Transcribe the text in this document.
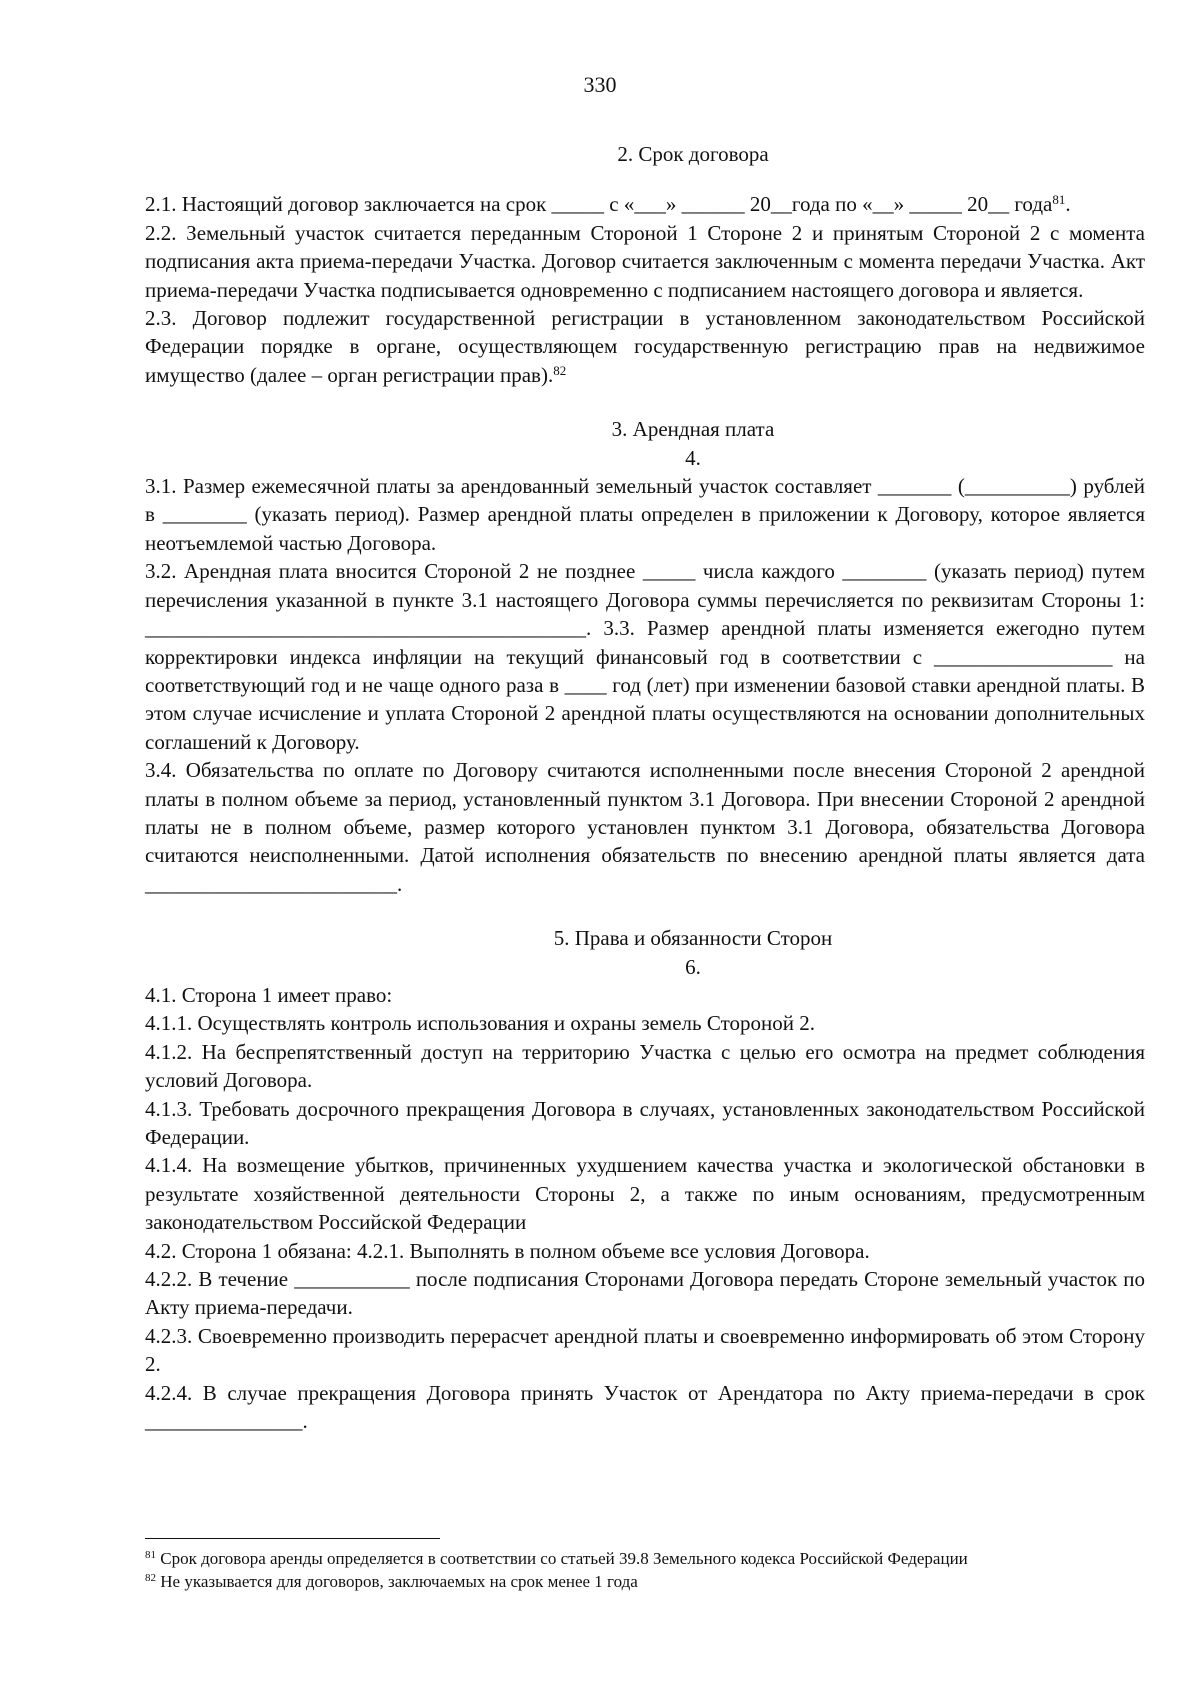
330

2. Срок договора

2.1. Настоящий договор заключается на срок _____ с «___» ______ 20__года по «__» _____ 20__ года$^{81}$.

2.2. Земельный участок считается переданным Стороной 1 Стороне 2 и принятым Стороной 2 с момента подписания акта приема-передачи Участка. Договор считается заключенным с момента передачи Участка. Акт приема-передачи Участка подписывается одновременно с подписанием настоящего договора и является.

2.3. Договор подлежит государственной регистрации в установленном законодательством Российской Федерации порядке в органе, осуществляющем государственную регистрацию прав на недвижимое имущество (далее – орган регистрации прав).$^{82}$

3. Арендная плата

4.

3.1. Размер ежемесячной платы за арендованный земельный участок составляет _______ (__________) рублей в ________ (указать период). Размер арендной платы определен в приложении к Договору, которое является неотъемлемой частью Договора.

3.2. Арендная плата вносится Стороной 2 не позднее _____ числа каждого ________ (указать период) путем перечисления указанной в пункте 3.1 настоящего Договора суммы перечисляется по реквизитам Стороны 1: __________________________________________. 3.3. Размер арендной платы изменяется ежегодно путем корректировки индекса инфляции на текущий финансовый год в соответствии с _________________ на соответствующий год и не чаще одного раза в ____ год (лет) при изменении базовой ставки арендной платы. В этом случае исчисление и уплата Стороной 2 арендной платы осуществляются на основании дополнительных соглашений к Договору.

3.4. Обязательства по оплате по Договору считаются исполненными после внесения Стороной 2 арендной платы в полном объеме за период, установленный пунктом 3.1 Договора. При внесении Стороной 2 арендной платы не в полном объеме, размер которого установлен пунктом 3.1 Договора, обязательства Договора считаются неисполненными. Датой исполнения обязательств по внесению арендной платы является дата ________________________.

5. Права и обязанности Сторон

6.

4.1. Сторона 1 имеет право:

4.1.1. Осуществлять контроль использования и охраны земель Стороной 2.

4.1.2. На беспрепятственный доступ на территорию Участка с целью его осмотра на предмет соблюдения условий Договора.

4.1.3. Требовать досрочного прекращения Договора в случаях, установленных законодательством Российской Федерации.

4.1.4. На возмещение убытков, причиненных ухудшением качества участка и экологической обстановки в результате хозяйственной деятельности Стороны 2, а также по иным основаниям, предусмотренным законодательством Российской Федерации

4.2. Сторона 1 обязана: 4.2.1. Выполнять в полном объеме все условия Договора.

4.2.2. В течение ___________ после подписания Сторонами Договора передать Стороне земельный участок по Акту приема-передачи.

4.2.3. Своевременно производить перерасчет арендной платы и своевременно информировать об этом Сторону 2.

4.2.4. В случае прекращения Договора принять Участок от Арендатора по Акту приема-передачи в срок _______________.

$^{81}$ Срок договора аренды определяется в соответствии со статьей 39.8 Земельного кодекса Российской Федерации

$^{82}$ Не указывается для договоров, заключаемых на срок менее 1 года
